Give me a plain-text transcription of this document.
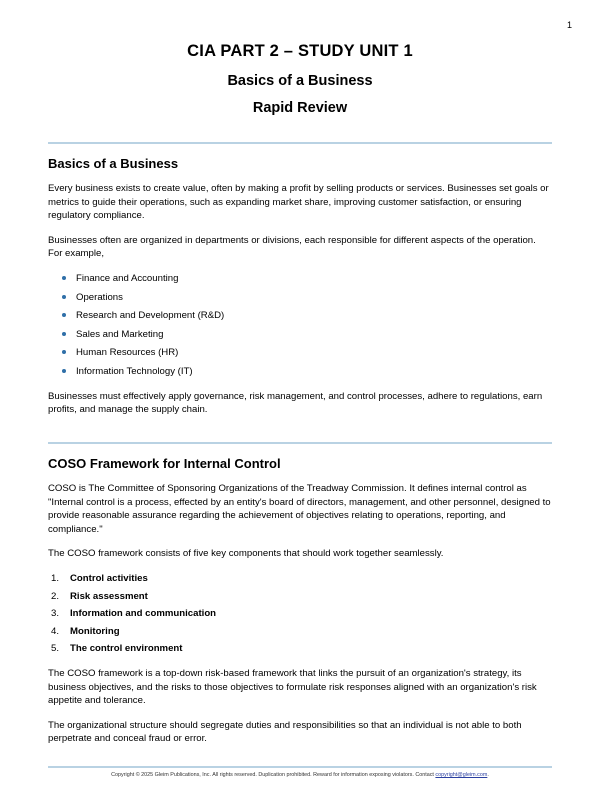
1
CIA PART 2 – STUDY UNIT 1
Basics of a Business
Rapid Review
Basics of a Business

Every business exists to create value, often by making a profit by selling products or services. Businesses set goals or metrics to guide their operations, such as expanding market share, improving customer satisfaction, or ensuring regulatory compliance.

Businesses often are organized in departments or divisions, each responsible for different aspects of the operation. For example,

Finance and Accounting
Operations
Research and Development (R&D)
Sales and Marketing
Human Resources (HR)
Information Technology (IT)

Businesses must effectively apply governance, risk management, and control processes, adhere to regulations, earn profits, and manage the supply chain.

COSO Framework for Internal Control

COSO is The Committee of Sponsoring Organizations of the Treadway Commission. It defines internal control as "Internal control is a process, effected by an entity's board of directors, management, and other personnel, designed to provide reasonable assurance regarding the achievement of objectives relating to operations, reporting, and compliance."

The COSO framework consists of five key components that should work together seamlessly.

Control activities
Risk assessment
Information and communication
Monitoring
The control environment

The COSO framework is a top-down risk-based framework that links the pursuit of an organization's strategy, its business objectives, and the risks to those objectives to formulate risk responses aligned with an organization's risk appetite and tolerance.

The organizational structure should segregate duties and responsibilities so that an individual is not able to both perpetrate and conceal fraud or error.

Copyright © 2025 Gleim Publications, Inc. All rights reserved. Duplication prohibited. Reward for information exposing violators. Contact copyright@gleim.com.
